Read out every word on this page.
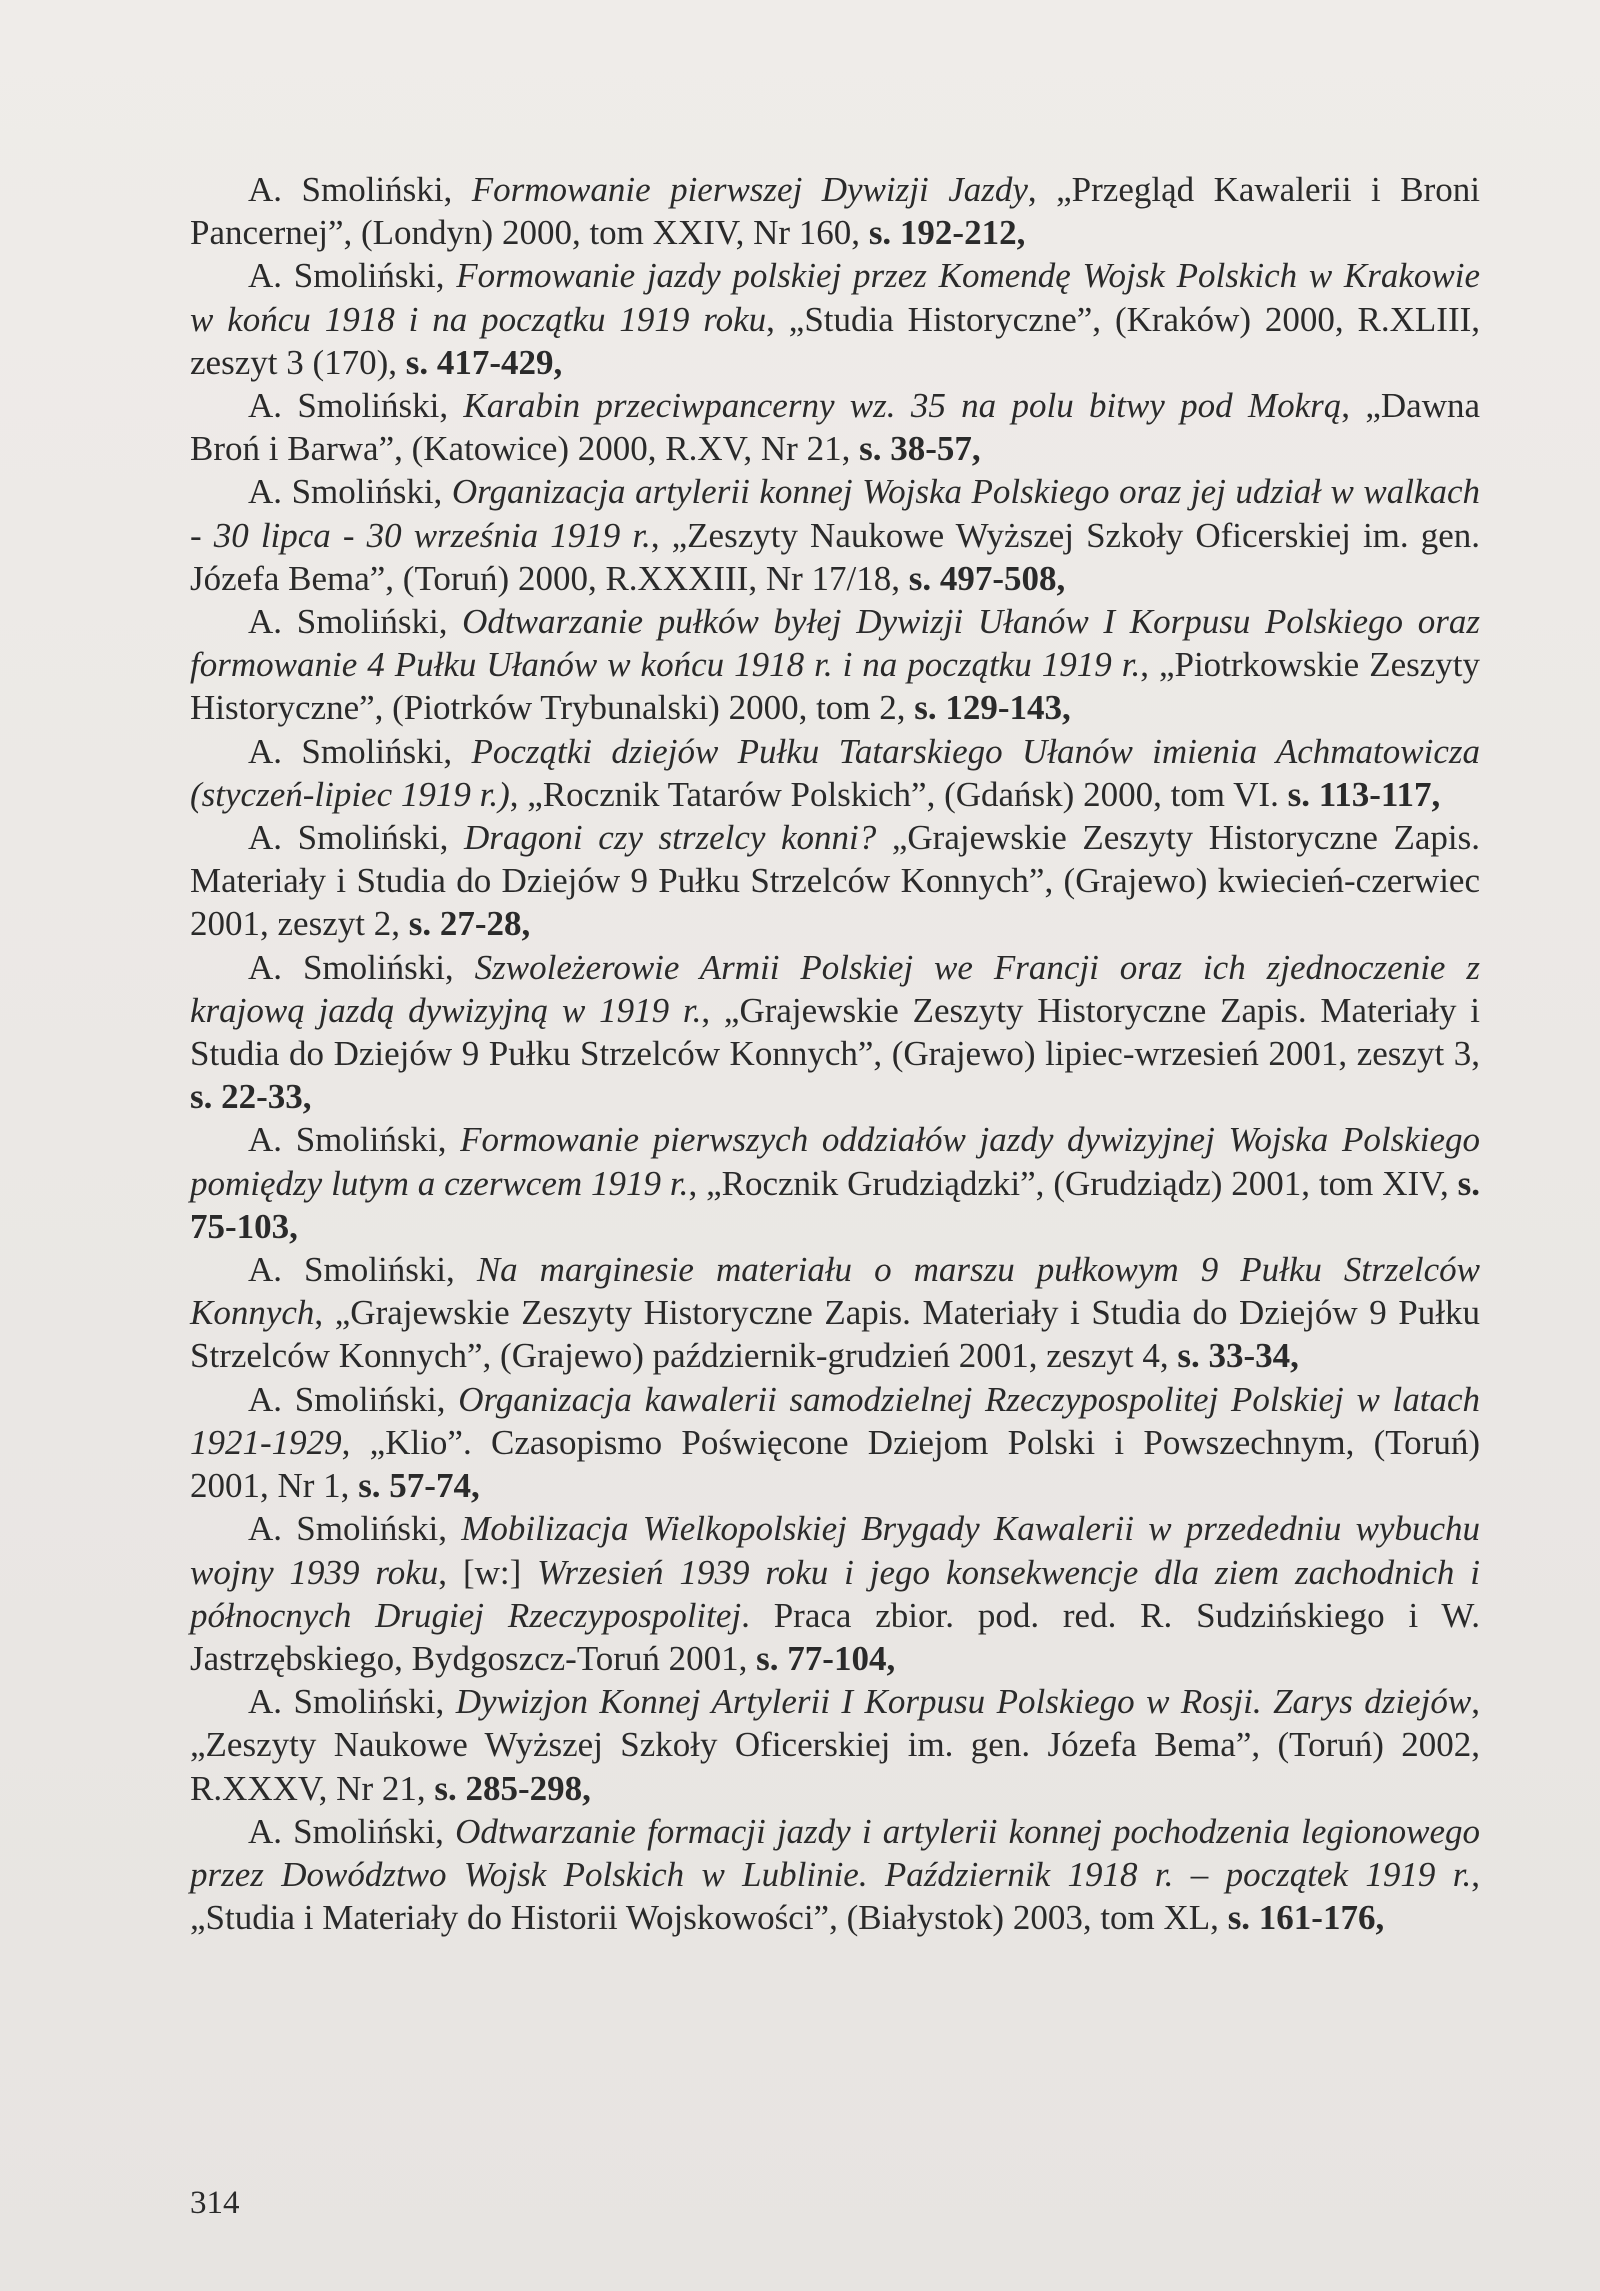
A. Smoliński, Formowanie pierwszej Dywizji Jazdy, „Przegląd Kawalerii i Broni Pancernej”, (Londyn) 2000, tom XXIV, Nr 160, s. 192-212,

A. Smoliński, Formowanie jazdy polskiej przez Komendę Wojsk Polskich w Krakowie w końcu 1918 i na początku 1919 roku, „Studia Historyczne”, (Kraków) 2000, R.XLIII, zeszyt 3 (170), s. 417-429,

A. Smoliński, Karabin przeciwpancerny wz. 35 na polu bitwy pod Mokrą, „Dawna Broń i Barwa”, (Katowice) 2000, R.XV, Nr 21, s. 38-57,

A. Smoliński, Organizacja artylerii konnej Wojska Polskiego oraz jej udział w walkach - 30 lipca - 30 września 1919 r., „Zeszyty Naukowe Wyższej Szkoły Oficerskiej im. gen. Józefa Bema”, (Toruń) 2000, R.XXXIII, Nr 17/18, s. 497-508,

A. Smoliński, Odtwarzanie pułków byłej Dywizji Ułanów I Korpusu Polskiego oraz formowanie 4 Pułku Ułanów w końcu 1918 r. i na początku 1919 r., „Piotrkowskie Zeszyty Historyczne”, (Piotrków Trybunalski) 2000, tom 2, s. 129-143,

A. Smoliński, Początki dziejów Pułku Tatarskiego Ułanów imienia Achmatowicza (styczeń-lipiec 1919 r.), „Rocznik Tatarów Polskich”, (Gdańsk) 2000, tom VI. s. 113-117,

A. Smoliński, Dragoni czy strzelcy konni? „Grajewskie Zeszyty Historyczne Zapis. Materiały i Studia do Dziejów 9 Pułku Strzelców Konnych”, (Grajewo) kwiecień-czerwiec 2001, zeszyt 2, s. 27-28,

A. Smoliński, Szwoleżerowie Armii Polskiej we Francji oraz ich zjednoczenie z krajową jazdą dywizyjną w 1919 r., „Grajewskie Zeszyty Historyczne Zapis. Materiały i Studia do Dziejów 9 Pułku Strzelców Konnych”, (Grajewo) lipiec-wrzesień 2001, zeszyt 3, s. 22-33,

A. Smoliński, Formowanie pierwszych oddziałów jazdy dywizyjnej Wojska Polskiego pomiędzy lutym a czerwcem 1919 r., „Rocznik Grudziądzki”, (Grudziądz) 2001, tom XIV, s. 75-103,

A. Smoliński, Na marginesie materiału o marszu pułkowym 9 Pułku Strzelców Konnych, „Grajewskie Zeszyty Historyczne Zapis. Materiały i Studia do Dziejów 9 Pułku Strzelców Konnych”, (Grajewo) październik-grudzień 2001, zeszyt 4, s. 33-34,

A. Smoliński, Organizacja kawalerii samodzielnej Rzeczypospolitej Polskiej w latach 1921-1929, „Klio”. Czasopismo Poświęcone Dziejom Polski i Powszechnym, (Toruń) 2001, Nr 1, s. 57-74,

A. Smoliński, Mobilizacja Wielkopolskiej Brygady Kawalerii w przededniu wybuchu wojny 1939 roku, [w:] Wrzesień 1939 roku i jego konsekwencje dla ziem zachodnich i północnych Drugiej Rzeczypospolitej. Praca zbior. pod. red. R. Sudzińskiego i W. Jastrzębskiego, Bydgoszcz-Toruń 2001, s. 77-104,

A. Smoliński, Dywizjon Konnej Artylerii I Korpusu Polskiego w Rosji. Zarys dziejów, „Zeszyty Naukowe Wyższej Szkoły Oficerskiej im. gen. Józefa Bema”, (Toruń) 2002, R.XXXV, Nr 21, s. 285-298,

A. Smoliński, Odtwarzanie formacji jazdy i artylerii konnej pochodzenia legionowego przez Dowództwo Wojsk Polskich w Lublinie. Październik 1918 r. – początek 1919 r., „Studia i Materiały do Historii Wojskowości”, (Białystok) 2003, tom XL, s. 161-176,

314
